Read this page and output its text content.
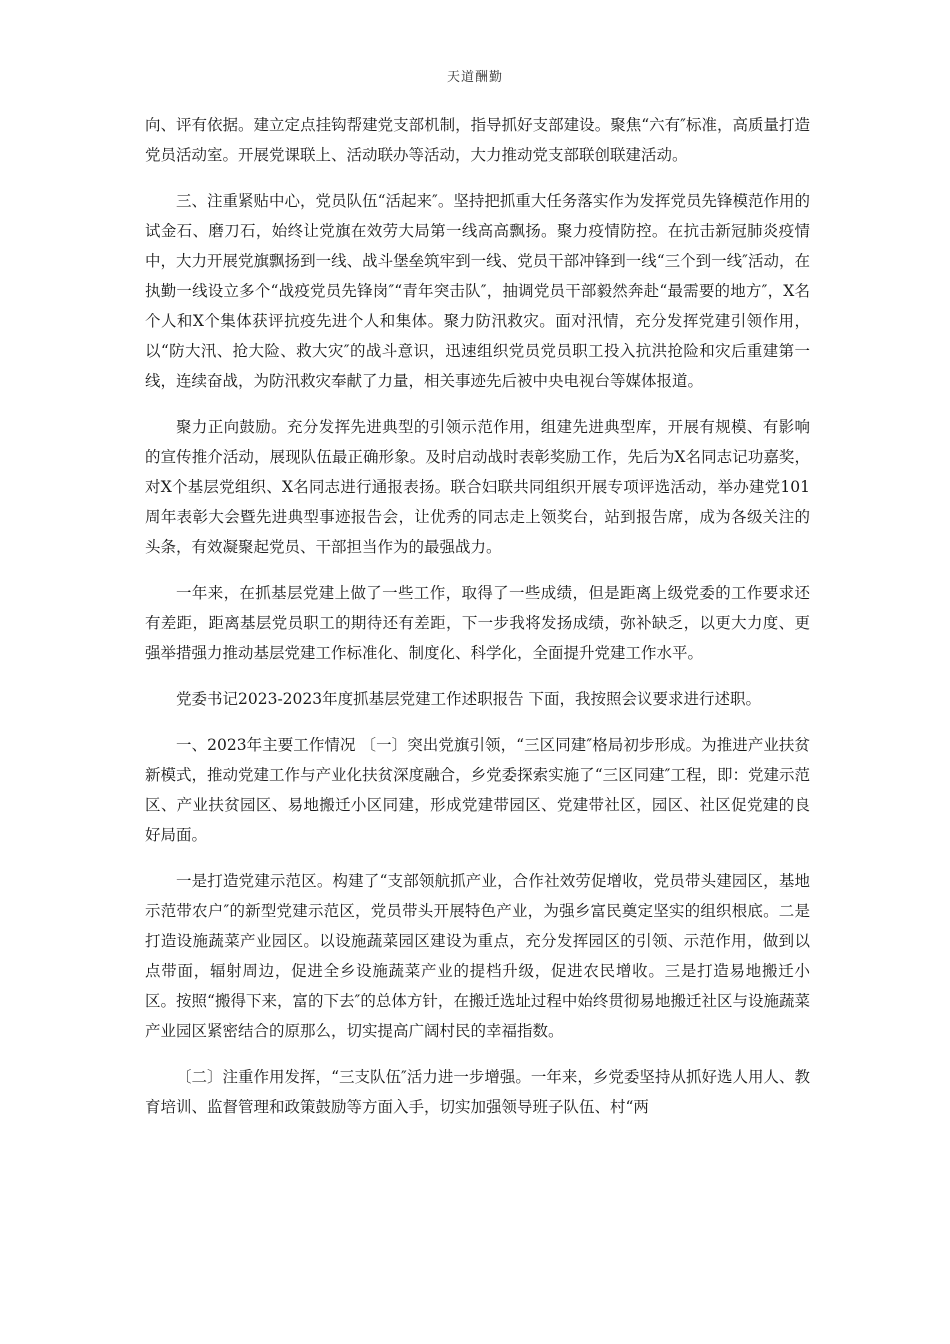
天道酬勤

向、评有依据。建立定点挂钩帮建党支部机制，指导抓好支部建设。聚焦“六有″标准，高质量打造党员活动室。开展党课联上、活动联办等活动，大力推动党支部联创联建活动。

三、注重紧贴中心，党员队伍“活起来″。坚持把抓重大任务落实作为发挥党员先锋模范作用的试金石、磨刀石，始终让党旗在效劳大局第一线高高飘扬。聚力疫情防控。在抗击新冠肺炎疫情中，大力开展党旗飘扬到一线、战斗堡垒筑牢到一线、党员干部冲锋到一线“三个到一线″活动，在执勤一线设立多个“战疫党员先锋岗″“青年突击队″，抽调党员干部毅然奔赴“最需要的地方″，X名个人和X个集体获评抗疫先进个人和集体。聚力防汛救灾。面对汛情，充分发挥党建引领作用，以“防大汛、抢大险、救大灾″的战斗意识，迅速组织党员党员职工投入抗洪抢险和灾后重建第一线，连续奋战，为防汛救灾奉献了力量，相关事迹先后被中央电视台等媒体报道。

聚力正向鼓励。充分发挥先进典型的引领示范作用，组建先进典型库，开展有规模、有影响的宣传推介活动，展现队伍最正确形象。及时启动战时表彰奖励工作，先后为X名同志记功嘉奖，对X个基层党组织、X名同志进行通报表扬。联合妇联共同组织开展专项评选活动，举办建党101周年表彰大会暨先进典型事迹报告会，让优秀的同志走上领奖台，站到报告席，成为各级关注的头条，有效凝聚起党员、干部担当作为的最强战力。

一年来，在抓基层党建上做了一些工作，取得了一些成绩，但是距离上级党委的工作要求还有差距，距离基层党员职工的期待还有差距，下一步我将发扬成绩，弥补缺乏，以更大力度、更强举措强力推动基层党建工作标准化、制度化、科学化，全面提升党建工作水平。

党委书记2023-2023年度抓基层党建工作述职报告 下面，我按照会议要求进行述职。

一、2023年主要工作情况 〔一〕突出党旗引领，“三区同建″格局初步形成。为推进产业扶贫新模式，推动党建工作与产业化扶贫深度融合，乡党委探索实施了“三区同建″工程，即：党建示范区、产业扶贫园区、易地搬迁小区同建，形成党建带园区、党建带社区，园区、社区促党建的良好局面。

一是打造党建示范区。构建了“支部领航抓产业，合作社效劳促增收，党员带头建园区，基地示范带农户″的新型党建示范区，党员带头开展特色产业，为强乡富民奠定坚实的组织根底。二是打造设施蔬菜产业园区。以设施蔬菜园区建设为重点，充分发挥园区的引领、示范作用，做到以点带面，辐射周边，促进全乡设施蔬菜产业的提档升级，促进农民增收。三是打造易地搬迁小区。按照“搬得下来，富的下去″的总体方针，在搬迁选址过程中始终贯彻易地搬迁社区与设施蔬菜产业园区紧密结合的原那么，切实提高广阔村民的幸福指数。

〔二〕注重作用发挥，“三支队伍″活力进一步增强。一年来，乡党委坚持从抓好选人用人、教育培训、监督管理和政策鼓励等方面入手，切实加强领导班子队伍、村“两
